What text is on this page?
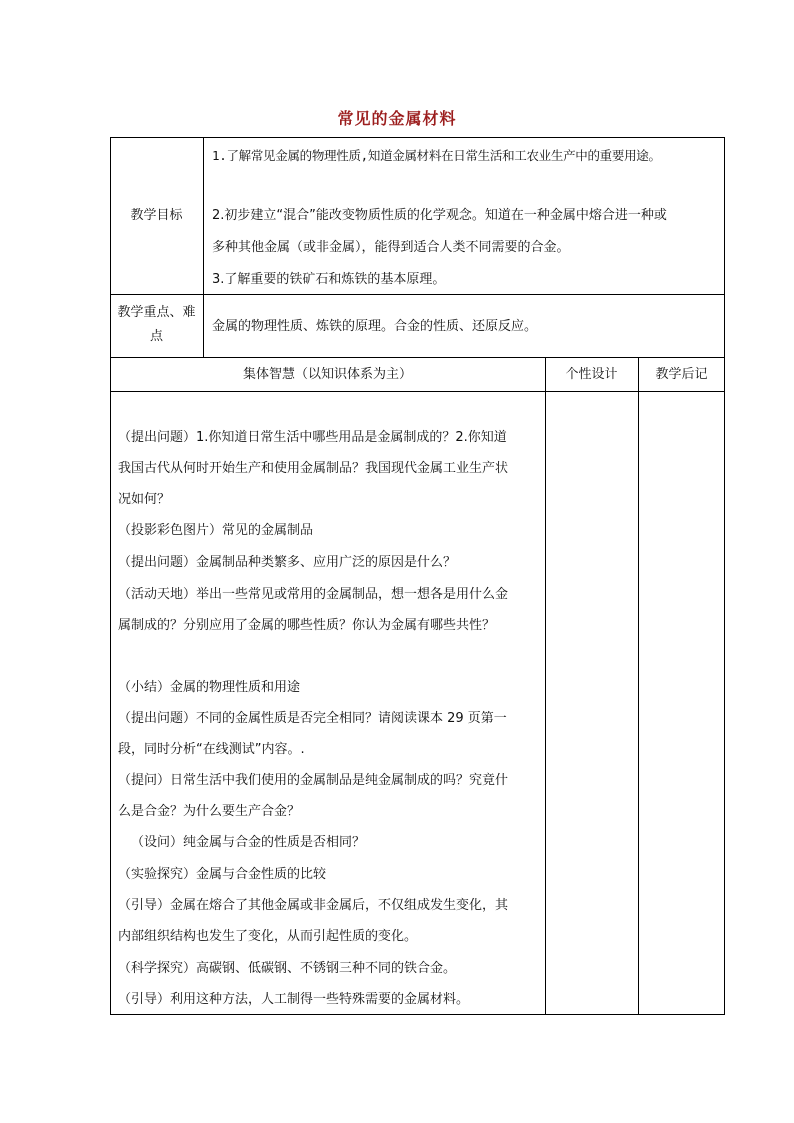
常见的金属材料
教学目标
1.了解常见金属的物理性质,知道金属材料在日常生活和工农业生产中的重要用途。
2.初步建立“混合”能改变物质性质的化学观念。知道在一种金属中熔合进一种或
多种其他金属（或非金属），能得到适合人类不同需要的合金。
3.了解重要的铁矿石和炼铁的基本原理。
教学重点、难
点
金属的物理性质、炼铁的原理。合金的性质、还原反应。
集体智慧（以知识体系为主）	个性设计	教学后记
（提出问题）1.你知道日常生活中哪些用品是金属制成的？2.你知道
我国古代从何时开始生产和使用金属制品？我国现代金属工业生产状
况如何？
（投影彩色图片）常见的金属制品
（提出问题）金属制品种类繁多、应用广泛的原因是什么？
（活动天地）举出一些常见或常用的金属制品，想一想各是用什么金
属制成的？分别应用了金属的哪些性质？你认为金属有哪些共性？
（小结）金属的物理性质和用途
（提出问题）不同的金属性质是否完全相同？请阅读课本 29 页第一
段，同时分析“在线测试”内容。.
（提问）日常生活中我们使用的金属制品是纯金属制成的吗？究竟什
么是合金？为什么要生产合金？
（设问）纯金属与合金的性质是否相同？
（实验探究）金属与合金性质的比较
（引导）金属在熔合了其他金属或非金属后，不仅组成发生变化，其
内部组织结构也发生了变化，从而引起性质的变化。
（科学探究）高碳钢、低碳钢、不锈钢三种不同的铁合金。
（引导）利用这种方法，人工制得一些特殊需要的金属材料。
